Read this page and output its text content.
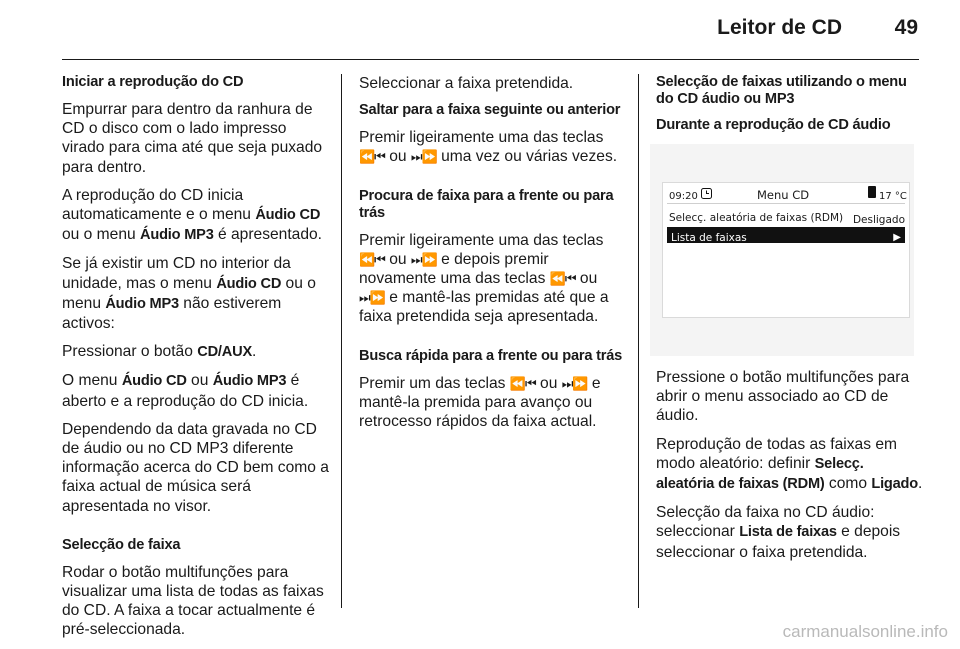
Leitor de CD	49

Iniciar a reprodução do CD

Empurrar para dentro da ranhura de CD o disco com o lado impresso virado para cima até que seja puxado para dentro.

A reprodução do CD inicia automaticamente e o menu Áudio CD ou o menu Áudio MP3 é apresentado.

Se já existir um CD no interior da unidade, mas o menu Áudio CD ou o menu Áudio MP3 não estiverem activos:

Pressionar o botão CD/AUX.

O menu Áudio CD ou Áudio MP3 é aberto e a reprodução do CD inicia.

Dependendo da data gravada no CD de áudio ou no CD MP3 diferente informação acerca do CD bem como a faixa actual de música será apresentada no visor.

Selecção de faixa

Rodar o botão multifunções para visualizar uma lista de todas as faixas do CD. A faixa a tocar actualmente é pré-seleccionada.

Seleccionar a faixa pretendida.

Saltar para a faixa seguinte ou anterior

Premir ligeiramente uma das teclas ⏪⏮ ou ⏭⏩ uma vez ou várias vezes.

Procura de faixa para a frente ou para trás

Premir ligeiramente uma das teclas ⏪⏮ ou ⏭⏩ e depois premir novamente uma das teclas ⏪⏮ ou ⏭⏩ e mantê-las premidas até que a faixa pretendida seja apresentada.

Busca rápida para a frente ou para trás

Premir um das teclas ⏪⏮ ou ⏭⏩ e mantê-la premida para avanço ou retrocesso rápidos da faixa actual.

Selecção de faixas utilizando o menu do CD áudio ou MP3

Durante a reprodução de CD áudio

09:20	Menu CD	17 °C
Selecç. aleatória de faixas (RDM) Desligado
Lista de faixas	▶

Pressione o botão multifunções para abrir o menu associado ao CD de áudio.

Reprodução de todas as faixas em modo aleatório: definir Selecç. aleatória de faixas (RDM) como Ligado.

Selecção da faixa no CD áudio: seleccionar Lista de faixas e depois seleccionar o faixa pretendida.

carmanualsonline.info
